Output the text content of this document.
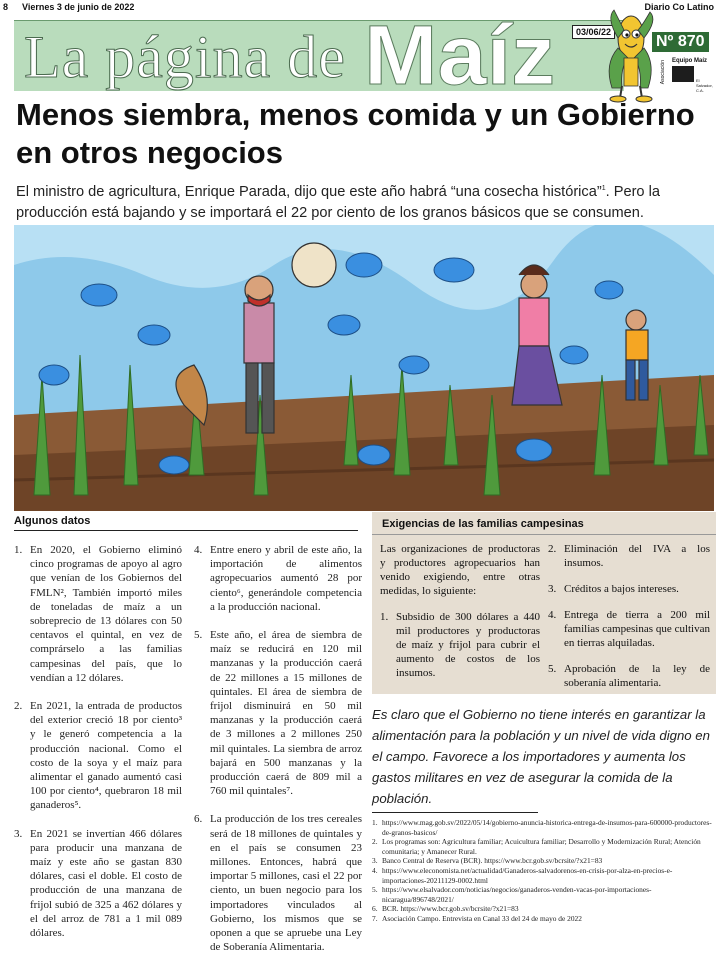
8 Viernes 3 de junio de 2022	Diario Co Latino
La página de Maíz	03/06/22
Nº 870
Asociación Equipo Maíz
El Salvador, C.A.
Menos siembra, menos comida y un Gobierno en otros negocios

El ministro de agricultura, Enrique Parada, dijo que este año habrá “una cosecha histórica”$^1$. Pero la producción está bajando y se importará el 22 por ciento de los granos básicos que se consumen.

Algunos datos
1. En 2020, el Gobierno eliminó cinco programas de apoyo al agro que venían de los Gobiernos del FMLN², También importó miles de toneladas de maíz a un sobreprecio de 13 dólares con 50 centavos el quintal, en vez de comprárselo a las familias campesinas del país, que lo vendían a 12 dólares.
2. En 2021, la entrada de productos del exterior creció 18 por ciento³ y le generó competencia a la producción nacional. Como el costo de la soya y el maíz para alimentar el ganado aumentó casi 100 por ciento⁴, quebraron 18 mil ganaderos⁵.
3. En 2021 se invertían 466 dólares para producir una manzana de maíz y este año se gastan 830 dólares, casi el doble. El costo de producción de una manzana de frijol subió de 325 a 462 dólares y el del arroz de 781 a 1 mil 089 dólares.
4. Entre enero y abril de este año, la importación de alimentos agropecuarios aumentó 28 por ciento⁶, generándole competencia a la producción nacional.
5. Este año, el área de siembra de maíz se reducirá en 120 mil manzanas y la producción caerá de 22 millones a 15 millones de quintales. El área de siembra de frijol disminuirá en 50 mil manzanas y la producción caerá de 3 millones a 2 millones 250 mil quintales. La siembra de arroz bajará en 500 manzanas y la producción caerá de 809 mil a 760 mil quintales⁷.
6. La producción de los tres cereales será de 18 millones de quintales y en el país se consumen 23 millones. Entonces, habrá que importar 5 millones, casi el 22 por ciento, un buen negocio para los importadores vinculados al Gobierno, los mismos que se oponen a que se apruebe una Ley de Soberanía Alimentaria.
Exigencias de las familias campesinas
Las organizaciones de productoras y productores agropecuarios han venido exigiendo, entre otras medidas, lo siguiente:
1. Subsidio de 300 dólares a 440 mil productores y productoras de maíz y frijol para cubrir el aumento de costos de los insumos.
2. Eliminación del IVA a los insumos.
3. Créditos a bajos intereses.
4. Entrega de tierra a 200 mil familias campesinas que cultivan en tierras alquiladas.
5. Aprobación de la ley de soberanía alimentaria.

Es claro que el Gobierno no tiene interés en garantizar la alimentación para la población y un nivel de vida digno en el campo. Favorece a los importadores y aumenta los gastos militares en vez de asegurar la comida de la población.

1. https://www.mag.gob.sv/2022/05/14/gobierno-anuncia-historica-entrega-de-insumos-para-600000-productores-de-granos-basicos/
2. Los programas son: Agricultura familiar; Acuicultura familiar; Desarrollo y Modernización Rural; Atención comunitaria; y Amanecer Rural.
3. Banco Central de Reserva (BCR). https://www.bcr.gob.sv/bcrsite/?x21=83
4. https://www.eleconomista.net/actualidad/Ganaderos-salvadorenos-en-crisis-por-alza-en-precios-e-importaciones-20211129-0002.html
5. https://www.elsalvador.com/noticias/negocios/ganaderos-venden-vacas-por-importaciones-nicaragua/896748/2021/
6. BCR. https://www.bcr.gob.sv/bcrsite/?x21=83
7. Asociación Campo. Entrevista en Canal 33 del 24 de mayo de 2022
